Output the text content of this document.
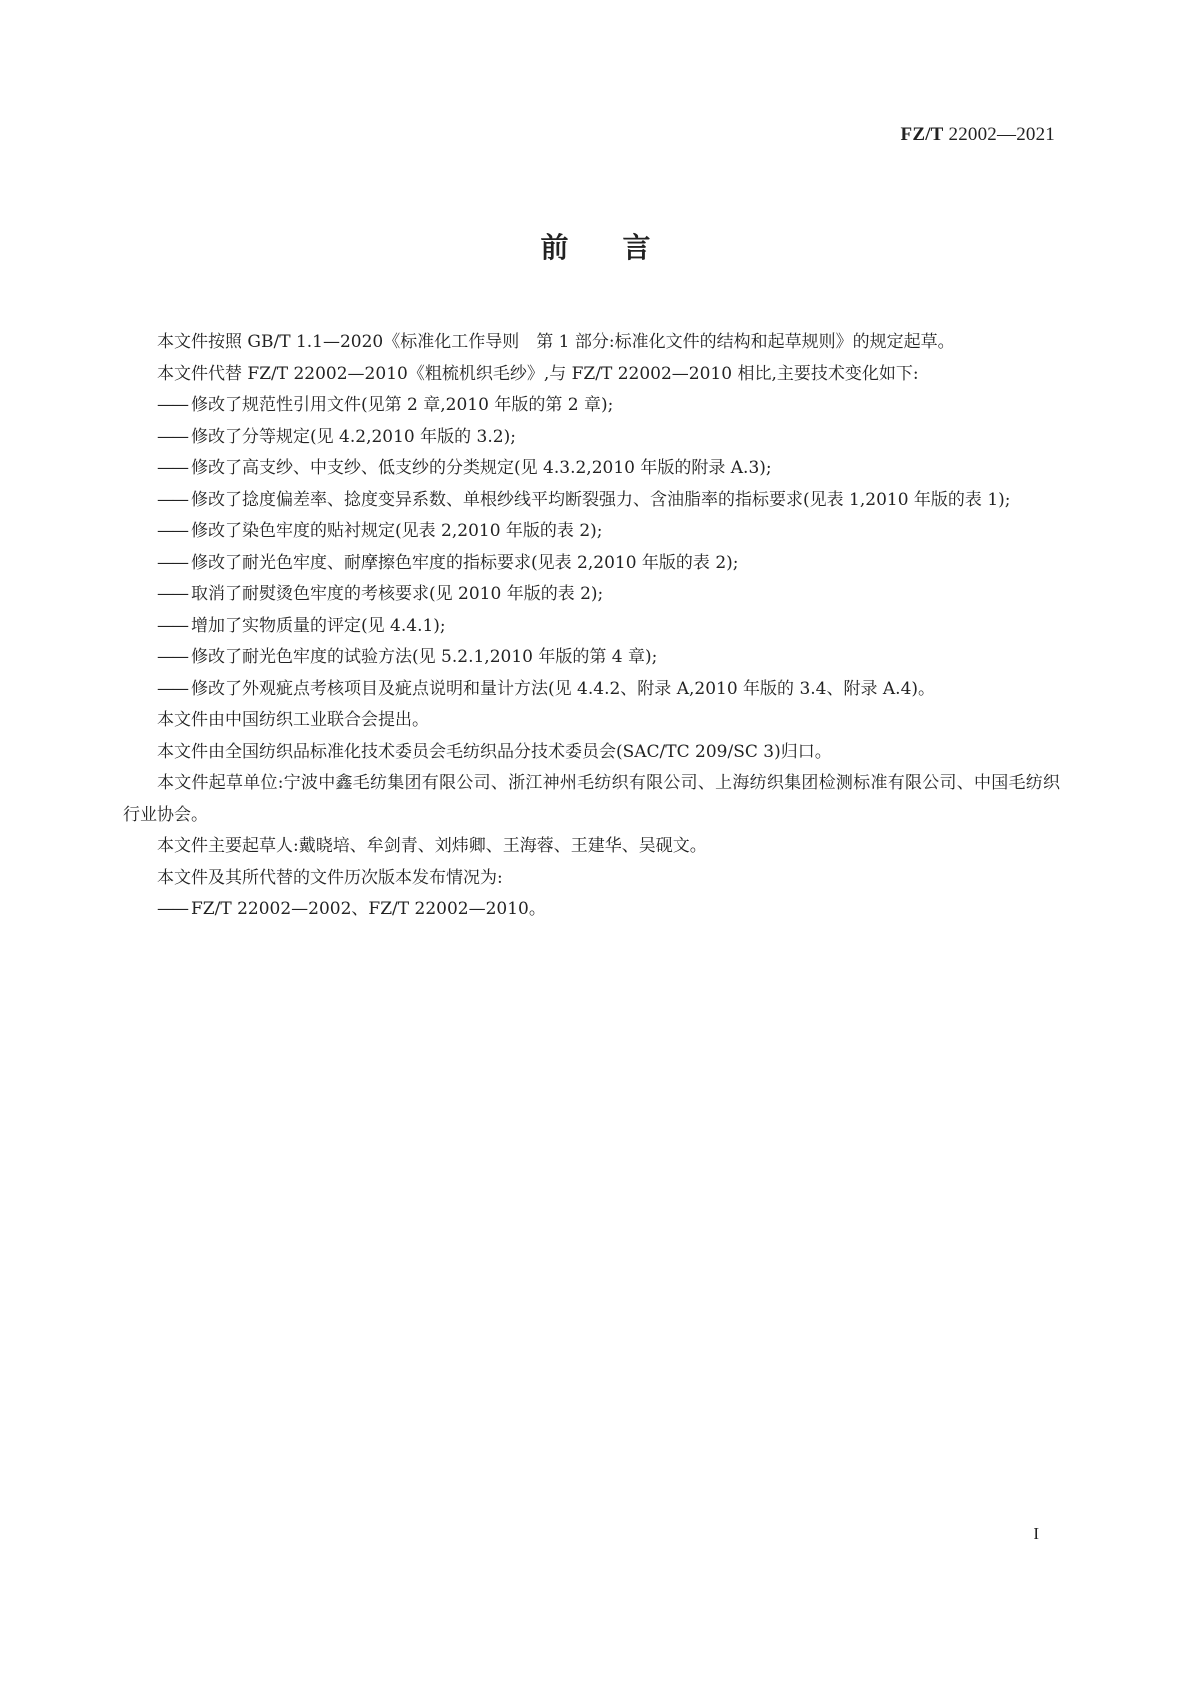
FZ/T 22002—2021
前言

本文件按照 GB/T 1.1—2020《标准化工作导则　第 1 部分:标准化文件的结构和起草规则》的规定起草。

本文件代替 FZ/T 22002—2010《粗梳机织毛纱》,与 FZ/T 22002—2010 相比,主要技术变化如下:

—— 修改了规范性引用文件(见第 2 章,2010 年版的第 2 章);
—— 修改了分等规定(见 4.2,2010 年版的 3.2);
—— 修改了高支纱、中支纱、低支纱的分类规定(见 4.3.2,2010 年版的附录 A.3);
—— 修改了捻度偏差率、捻度变异系数、单根纱线平均断裂强力、含油脂率的指标要求(见表 1,2010 年版的表 1);
—— 修改了染色牢度的贴衬规定(见表 2,2010 年版的表 2);
—— 修改了耐光色牢度、耐摩擦色牢度的指标要求(见表 2,2010 年版的表 2);
—— 取消了耐熨烫色牢度的考核要求(见 2010 年版的表 2);
—— 增加了实物质量的评定(见 4.4.1);
—— 修改了耐光色牢度的试验方法(见 5.2.1,2010 年版的第 4 章);
—— 修改了外观疵点考核项目及疵点说明和量计方法(见 4.4.2、附录 A,2010 年版的 3.4、附录 A.4)。

本文件由中国纺织工业联合会提出。

本文件由全国纺织品标准化技术委员会毛纺织品分技术委员会(SAC/TC 209/SC 3)归口。

本文件起草单位:宁波中鑫毛纺集团有限公司、浙江神州毛纺织有限公司、上海纺织集团检测标准有限公司、中国毛纺织行业协会。

本文件主要起草人:戴晓培、牟剑青、刘炜卿、王海蓉、王建华、吴砚文。

本文件及其所代替的文件历次版本发布情况为:

—— FZ/T 22002—2002、FZ/T 22002—2010。
I
